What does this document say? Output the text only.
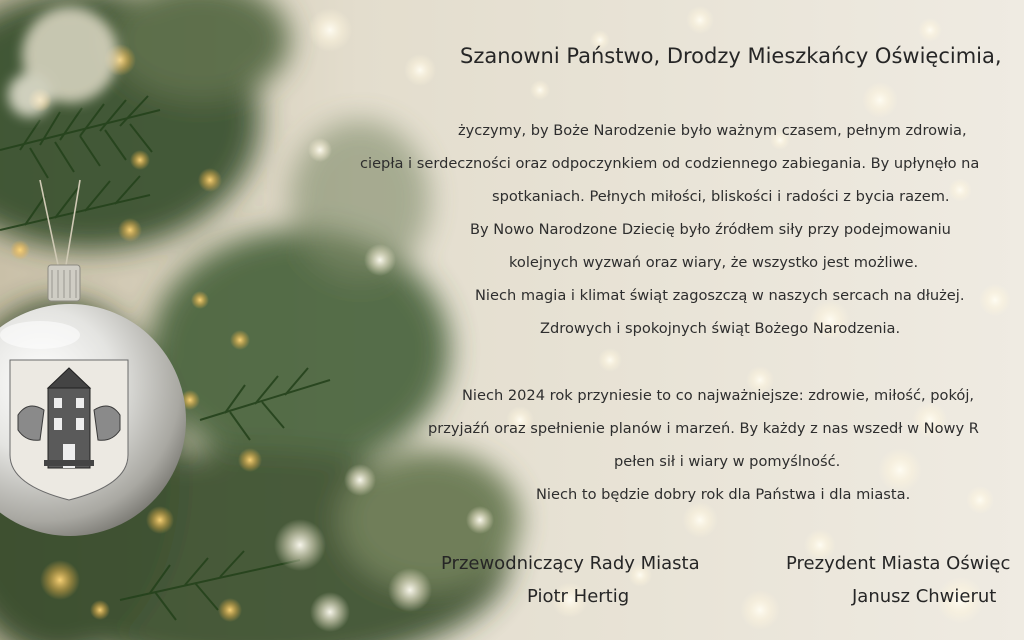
Szanowni Państwo, Drodzy Mieszkańcy Oświęcimia,
życzymy, by Boże Narodzenie było ważnym czasem, pełnym zdrowia,
ciepła i serdeczności oraz odpoczynkiem od codziennego zabiegania. By upłynęło na
spotkaniach. Pełnych miłości, bliskości i radości z bycia razem.
By Nowo Narodzone Dziecię było źródłem siły przy podejmowaniu
kolejnych wyzwań oraz wiary, że wszystko jest możliwe.
Niech magia i klimat świąt zagoszczą w naszych sercach na dłużej.
Zdrowych i spokojnych świąt Bożego Narodzenia.
Niech 2024 rok przyniesie to co najważniejsze: zdrowie, miłość, pokój,
przyjaźń oraz spełnienie planów i marzeń. By każdy z nas wszedł w Nowy R
pełen sił i wiary w pomyślność.
Niech to będzie dobry rok dla Państwa i dla miasta.
Przewodniczący Rady Miasta
Piotr Hertig
Prezydent Miasta Oświęc
Janusz Chwierut
